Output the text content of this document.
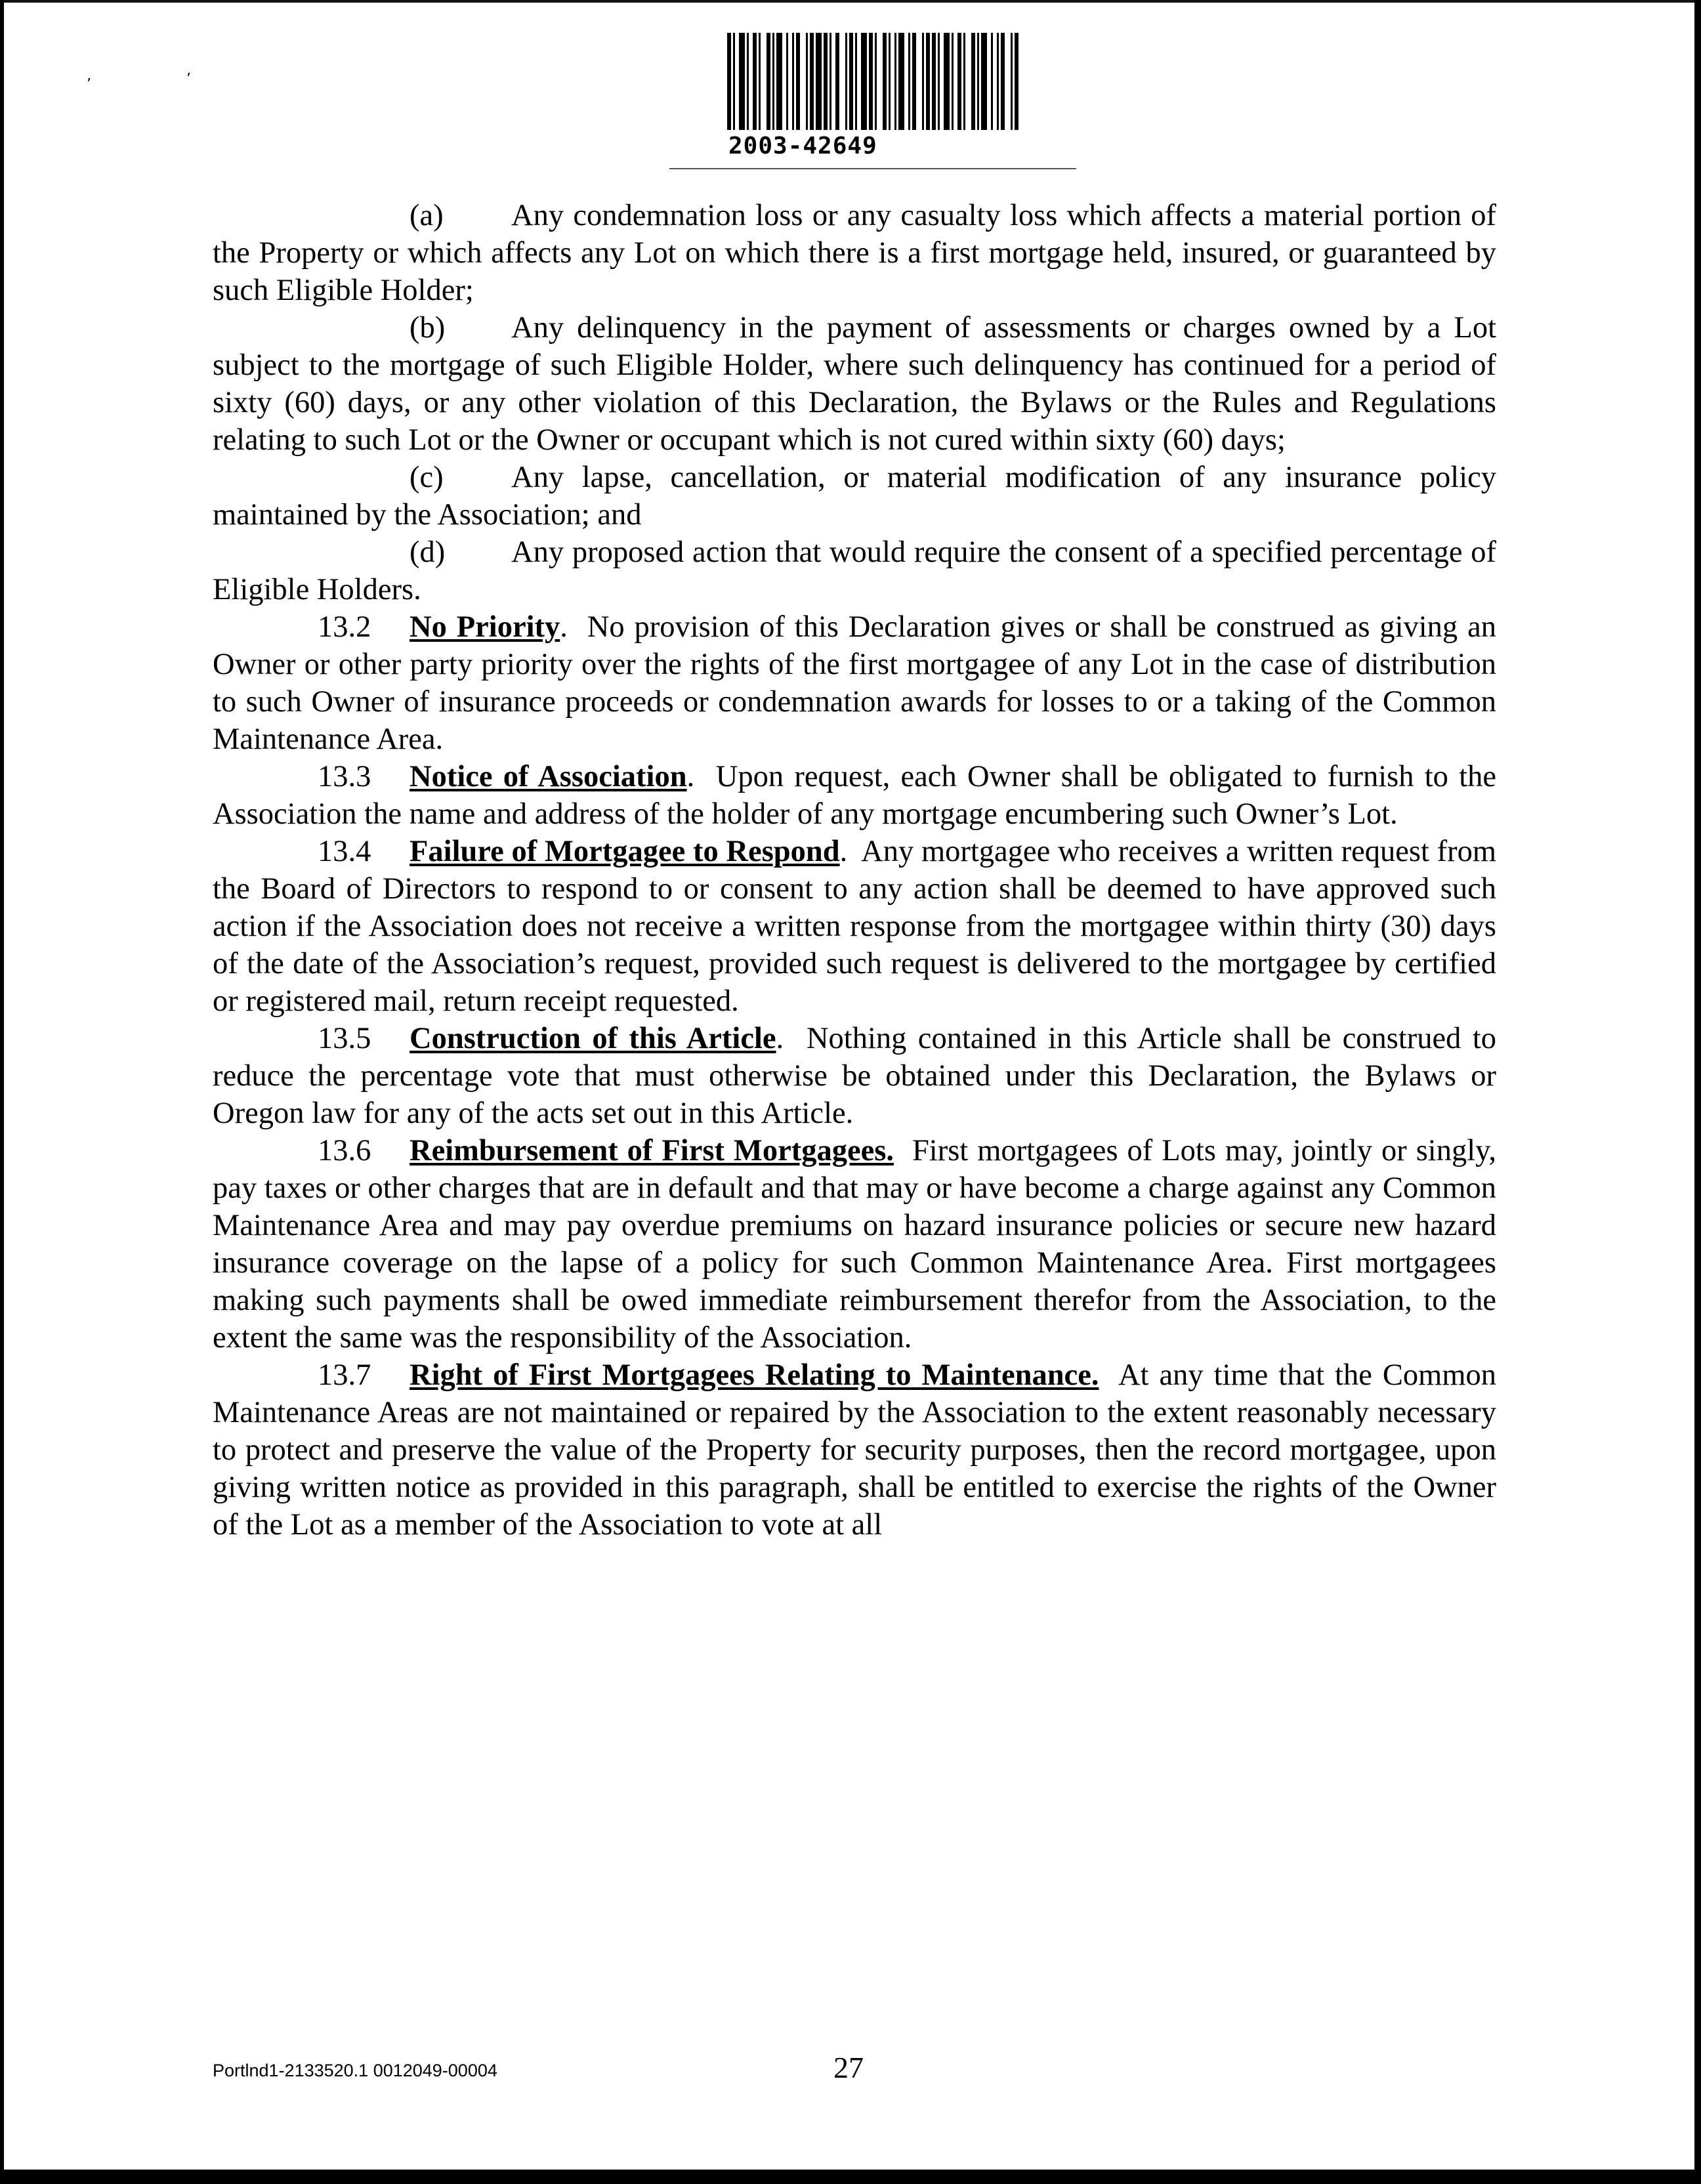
ʼ	ʼ
2003-42649

(a) Any condemnation loss or any casualty loss which affects a material portion of the Property or which affects any Lot on which there is a first mortgage held, insured, or guaranteed by such Eligible Holder;

(b) Any delinquency in the payment of assessments or charges owned by a Lot subject to the mortgage of such Eligible Holder, where such delinquency has continued for a period of sixty (60) days, or any other violation of this Declaration, the Bylaws or the Rules and Regulations relating to such Lot or the Owner or occupant which is not cured within sixty (60) days;

(c) Any lapse, cancellation, or material modification of any insurance policy maintained by the Association; and

(d) Any proposed action that would require the consent of a specified percentage of Eligible Holders.

13.2 No Priority. No provision of this Declaration gives or shall be construed as giving an Owner or other party priority over the rights of the first mortgagee of any Lot in the case of distribution to such Owner of insurance proceeds or condemnation awards for losses to or a taking of the Common Maintenance Area.

13.3 Notice of Association. Upon request, each Owner shall be obligated to furnish to the Association the name and address of the holder of any mortgage encumbering such Owner’s Lot.

13.4 Failure of Mortgagee to Respond. Any mortgagee who receives a written request from the Board of Directors to respond to or consent to any action shall be deemed to have approved such action if the Association does not receive a written response from the mortgagee within thirty (30) days of the date of the Association’s request, provided such request is delivered to the mortgagee by certified or registered mail, return receipt requested.

13.5 Construction of this Article. Nothing contained in this Article shall be construed to reduce the percentage vote that must otherwise be obtained under this Declaration, the Bylaws or Oregon law for any of the acts set out in this Article.

13.6 Reimbursement of First Mortgagees. First mortgagees of Lots may, jointly or singly, pay taxes or other charges that are in default and that may or have become a charge against any Common Maintenance Area and may pay overdue premiums on hazard insurance policies or secure new hazard insurance coverage on the lapse of a policy for such Common Maintenance Area. First mortgagees making such payments shall be owed immediate reimbursement therefor from the Association, to the extent the same was the responsibility of the Association.

13.7 Right of First Mortgagees Relating to Maintenance. At any time that the Common Maintenance Areas are not maintained or repaired by the Association to the extent reasonably necessary to protect and preserve the value of the Property for security purposes, then the record mortgagee, upon giving written notice as provided in this paragraph, shall be entitled to exercise the rights of the Owner of the Lot as a member of the Association to vote at all

Portlnd1-2133520.1 0012049-00004	27
